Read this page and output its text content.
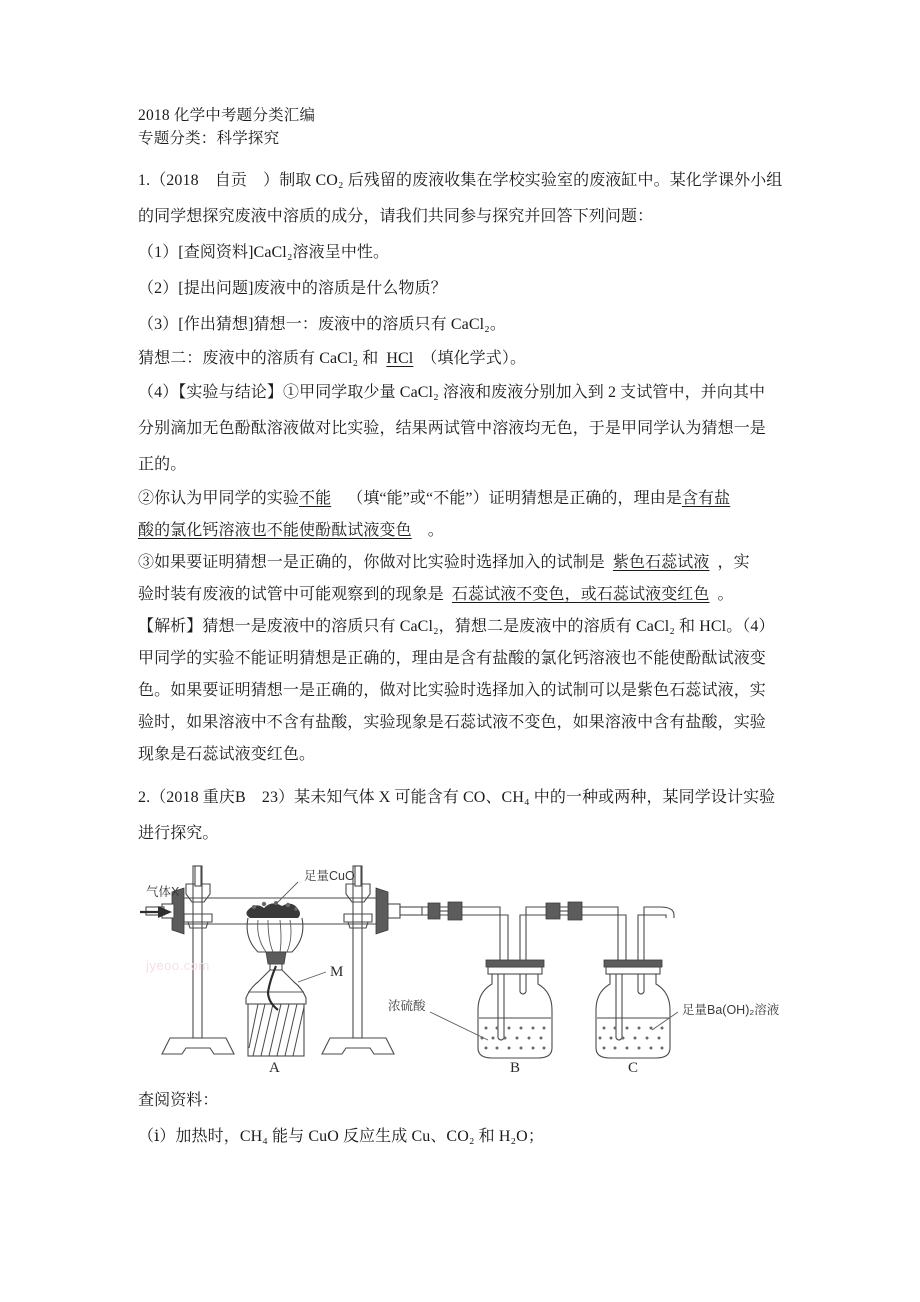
2018 化学中考题分类汇编
专题分类：科学探究

1.（2018　自贡　）制取 CO₂ 后残留的废液收集在学校实验室的废液缸中。某化学课外小组

的同学想探究废液中溶质的成分，请我们共同参与探究并回答下列问题：

（1）[查阅资料]CaCl₂溶液呈中性。

（2）[提出问题]废液中的溶质是什么物质？

（3）[作出猜想]猜想一：废液中的溶质只有 CaCl₂。

猜想二：废液中的溶质有 CaCl₂ 和 HCl （填化学式）。

（4）【实验与结论】①甲同学取少量 CaCl₂ 溶液和废液分别加入到 2 支试管中，并向其中

分别滴加无色酚酞溶液做对比实验，结果两试管中溶液均无色，于是甲同学认为猜想一是

正的。

②你认为甲同学的实验不能 （填“能”或“不能”）证明猜想是正确的，理由是含有盐

酸的氯化钙溶液也不能使酚酞试液变色 。

③如果要证明猜想一是正确的，你做对比实验时选择加入的试制是 紫色石蕊试液 ，实

验时装有废液的试管中可能观察到的现象是 石蕊试液不变色，或石蕊试液变红色 。

【解析】猜想一是废液中的溶质只有 CaCl₂，猜想二是废液中的溶质有 CaCl₂ 和 HCl。（4）

甲同学的实验不能证明猜想是正确的，理由是含有盐酸的氯化钙溶液也不能使酚酞试液变

色。如果要证明猜想一是正确的，做对比实验时选择加入的试制可以是紫色石蕊试液，实

验时，如果溶液中不含有盐酸，实验现象是石蕊试液不变色，如果溶液中含有盐酸，实验

现象是石蕊试液变红色。

2.（2018 重庆B　23）某未知气体 X 可能含有 CO、CH₄ 中的一种或两种，某同学设计实验

进行探究。

jyeoo.com
足量CuO
气体X
M
浓硫酸	足量Ba(OH)₂溶液
A	B	C

查阅资料：

（ⅰ）加热时，CH₄ 能与 CuO 反应生成 Cu、CO₂ 和 H₂O；
